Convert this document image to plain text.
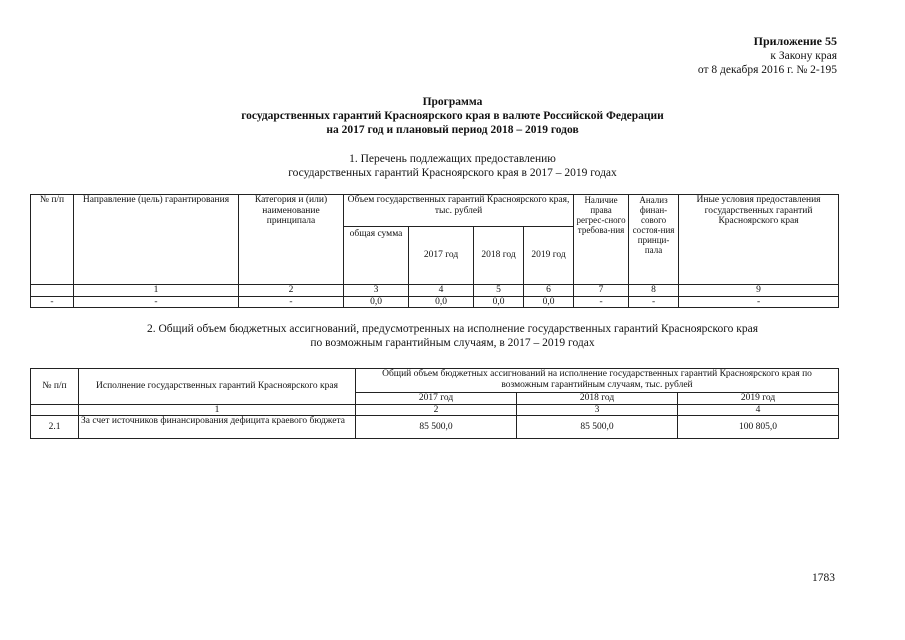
Приложение 55
к Закону края
от 8 декабря 2016 г. № 2-195
Программа
государственных гарантий Красноярского края в валюте Российской Федерации
на 2017 год и плановый период 2018 – 2019 годов
1. Перечень подлежащих предоставлению
государственных гарантий Красноярского края в 2017 – 2019 годах
№ п/п	Направление (цель) гарантирования	Категория и (или) наименование принципала	Объем государственных гарантий Красноярского края, тыс. рублей				Наличие права регрес-сного требова-ния	Анализ финан-сового состоя-ния принци-пала	Иные условия предоставления государственных гарантий Красноярского края
			общая сумма	2017 год	2018 год	2019 год			
	1	2	3	4	5	6	7	8	9
-	-	-	0,0	0,0	0,0	0,0	-	-	-
2. Общий объем бюджетных ассигнований, предусмотренных на исполнение государственных гарантий Красноярского края
по возможным гарантийным случаям, в 2017 – 2019 годах
№ п/п	Исполнение государственных гарантий Красноярского края	Общий объем бюджетных ассигнований на исполнение государственных гарантий Красноярского края по возможным гарантийным случаям, тыс. рублей		
		2017 год	2018 год	2019 год
	1	2	3	4
2.1	За счет источников финансирования дефицита краевого бюджета	85 500,0	85 500,0	100 805,0
1783
